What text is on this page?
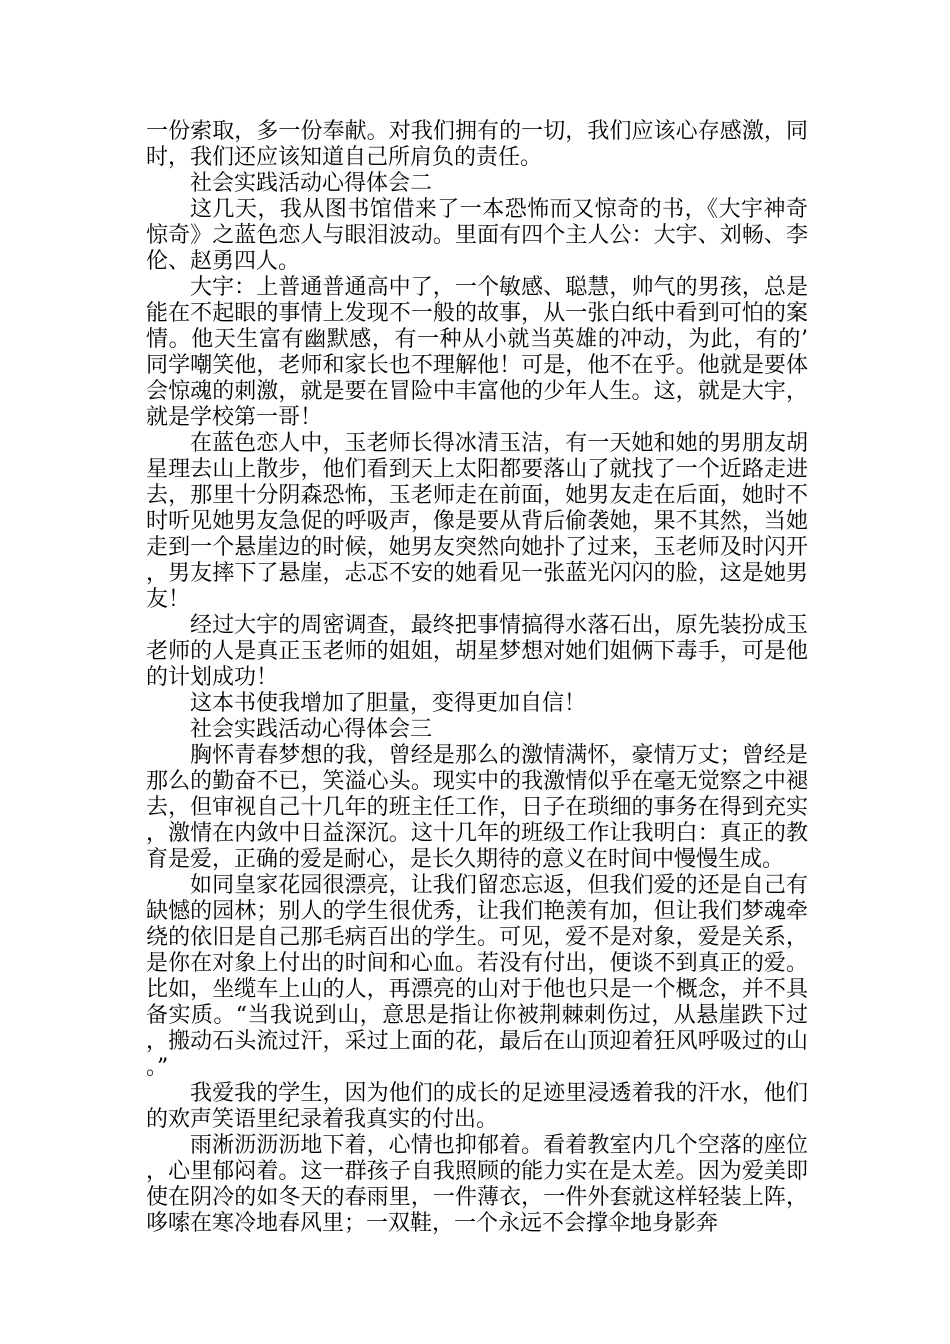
一份索取，多一份奉献。对我们拥有的一切，我们应该心存感激，同时，我们还应该知道自己所肩负的责任。

社会实践活动心得体会二

这几天，我从图书馆借来了一本恐怖而又惊奇的书，《大宇神奇惊奇》之蓝色恋人与眼泪波动。里面有四个主人公：大宇、刘畅、李伦、赵勇四人。

大宇：上普通普通高中了，一个敏感、聪慧，帅气的男孩，总是能在不起眼的事情上发现不一般的故事，从一张白纸中看到可怕的案情。他天生富有幽默感，有一种从小就当英雄的冲动，为此，有的’同学嘲笑他，老师和家长也不理解他！可是，他不在乎。他就是要体会惊魂的刺激，就是要在冒险中丰富他的少年人生。这，就是大宇，就是学校第一哥！

在蓝色恋人中，玉老师长得冰清玉洁，有一天她和她的男朋友胡星理去山上散步，他们看到天上太阳都要落山了就找了一个近路走进去，那里十分阴森恐怖，玉老师走在前面，她男友走在后面，她时不时听见她男友急促的呼吸声，像是要从背后偷袭她，果不其然，当她走到一个悬崖边的时候，她男友突然向她扑了过来，玉老师及时闪开，男友摔下了悬崖，忐忑不安的她看见一张蓝光闪闪的脸，这是她男友！

经过大宇的周密调查，最终把事情搞得水落石出，原先装扮成玉老师的人是真正玉老师的姐姐，胡星梦想对她们姐俩下毒手，可是他的计划成功！

这本书使我增加了胆量，变得更加自信！

社会实践活动心得体会三

胸怀青春梦想的我，曾经是那么的激情满怀，豪情万丈；曾经是那么的勤奋不已，笑溢心头。现实中的我激情似乎在毫无觉察之中褪去，但审视自己十几年的班主任工作，日子在琐细的事务在得到充实，激情在内敛中日益深沉。这十几年的班级工作让我明白：真正的教育是爱，正确的爱是耐心，是长久期待的意义在时间中慢慢生成。

如同皇家花园很漂亮，让我们留恋忘返，但我们爱的还是自己有缺憾的园林；别人的学生很优秀，让我们艳羡有加，但让我们梦魂牵绕的依旧是自己那毛病百出的学生。可见，爱不是对象，爱是关系，是你在对象上付出的时间和心血。若没有付出，便谈不到真正的爱。比如，坐缆车上山的人，再漂亮的山对于他也只是一个概念，并不具备实质。“当我说到山，意思是指让你被荆棘刺伤过，从悬崖跌下过，搬动石头流过汗，采过上面的花，最后在山顶迎着狂风呼吸过的山。”

我爱我的学生，因为他们的成长的足迹里浸透着我的汗水，他们的欢声笑语里纪录着我真实的付出。

雨淅沥沥沥地下着，心情也抑郁着。看着教室内几个空落的座位，心里郁闷着。这一群孩子自我照顾的能力实在是太差。因为爱美即使在阴冷的如冬天的春雨里，一件薄衣，一件外套就这样轻装上阵，哆嗦在寒冷地春风里；一双鞋，一个永远不会撑伞地身影奔
